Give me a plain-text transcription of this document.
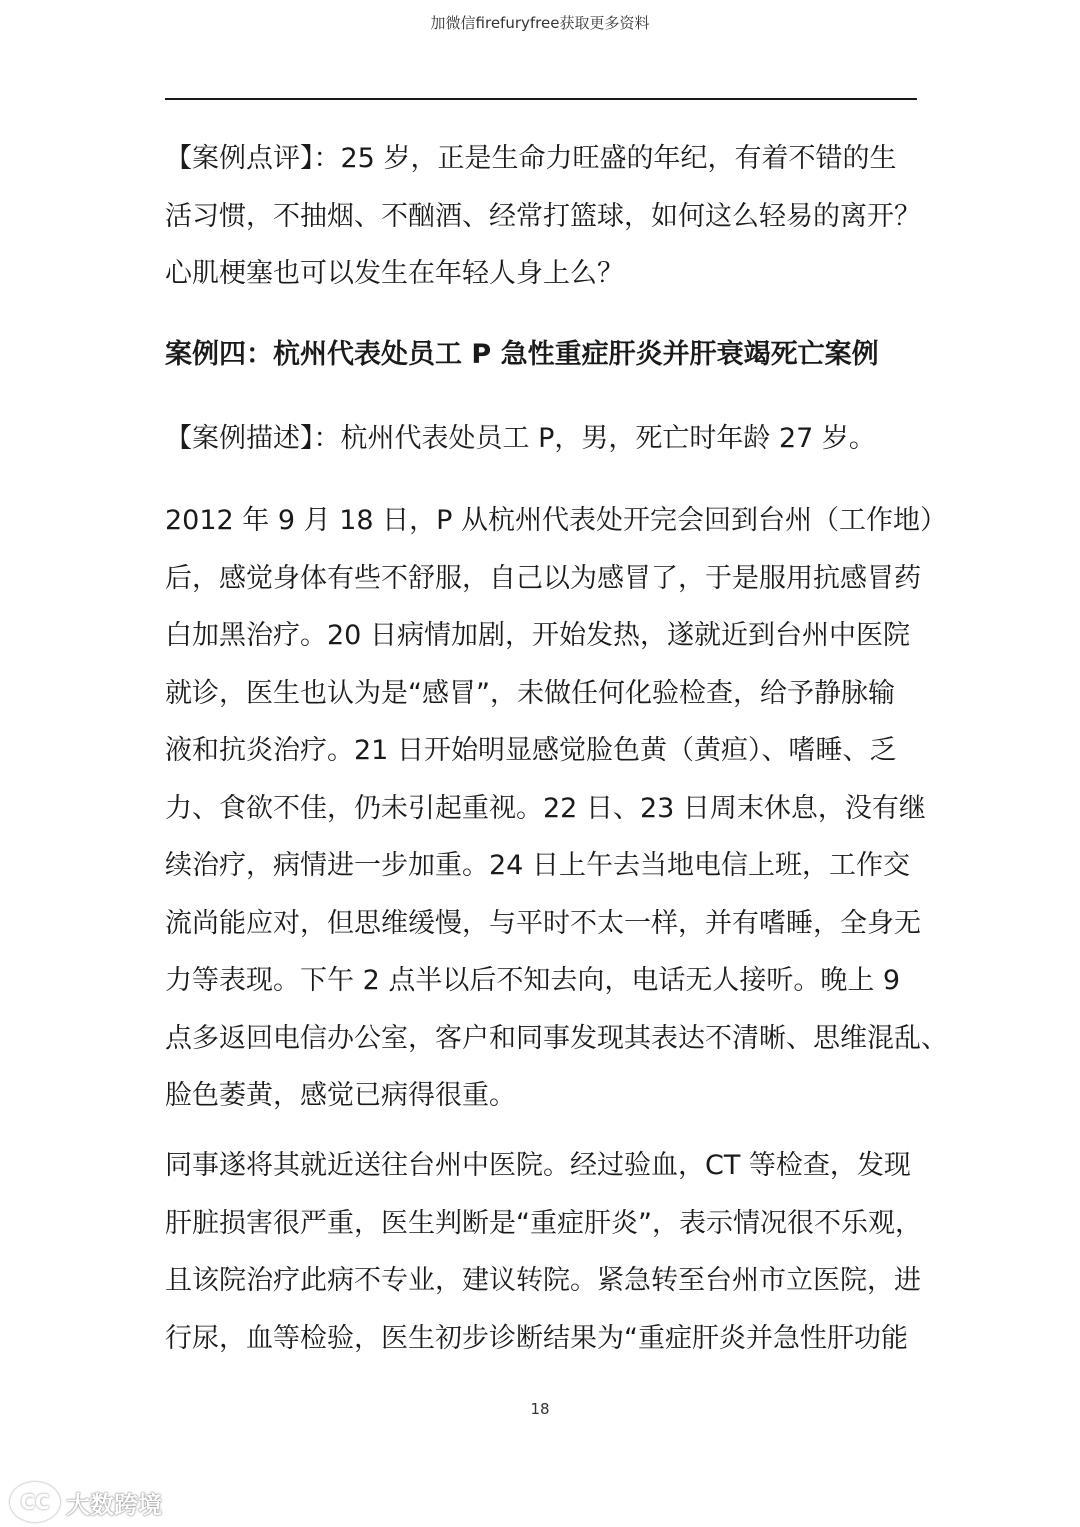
加微信firefuryfree获取更多资料
【案例点评】：25 岁，正是生命力旺盛的年纪，有着不错的生
活习惯，不抽烟、不酗酒、经常打篮球，如何这么轻易的离开？
心肌梗塞也可以发生在年轻人身上么？
案例四：杭州代表处员工 P 急性重症肝炎并肝衰竭死亡案例
【案例描述】：杭州代表处员工 P，男，死亡时年龄 27 岁。
2012 年 9 月 18 日，P 从杭州代表处开完会回到台州（工作地）
后，感觉身体有些不舒服，自己以为感冒了，于是服用抗感冒药
白加黑治疗。20 日病情加剧，开始发热，遂就近到台州中医院
就诊，医生也认为是“感冒”，未做任何化验检查，给予静脉输
液和抗炎治疗。21 日开始明显感觉脸色黄（黄疸）、嗜睡、乏
力、食欲不佳，仍未引起重视。22 日、23 日周末休息，没有继
续治疗，病情进一步加重。24 日上午去当地电信上班，工作交
流尚能应对，但思维缓慢，与平时不太一样，并有嗜睡，全身无
力等表现。下午 2 点半以后不知去向，电话无人接听。晚上 9
点多返回电信办公室，客户和同事发现其表达不清晰、思维混乱、
脸色萎黄，感觉已病得很重。
同事遂将其就近送往台州中医院。经过验血，CT 等检查，发现
肝脏损害很严重，医生判断是“重症肝炎”，表示情况很不乐观，
且该院治疗此病不专业，建议转院。紧急转至台州市立医院，进
行尿，血等检验，医生初步诊断结果为“重症肝炎并急性肝功能
18
CC 大数跨境
